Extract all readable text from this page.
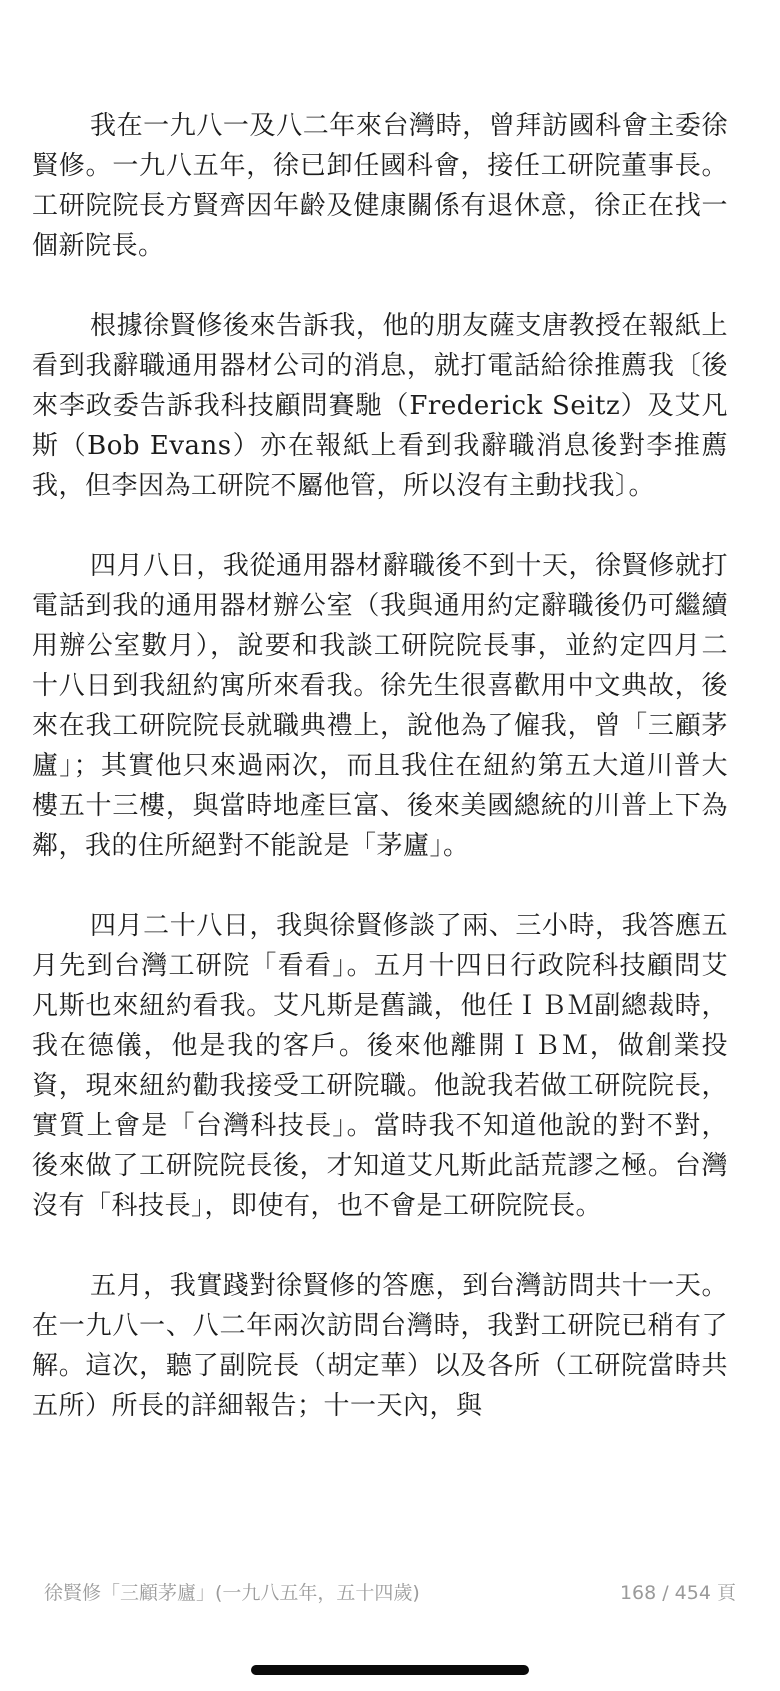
我在一九八一及八二年來台灣時，曾拜訪國科會主委徐賢修。一九八五年，徐已卸任國科會，接任工研院董事長。工研院院長方賢齊因年齡及健康關係有退休意，徐正在找一個新院長。

根據徐賢修後來告訴我，他的朋友薩支唐教授在報紙上看到我辭職通用器材公司的消息，就打電話給徐推薦我〔後來李政委告訴我科技顧問賽馳（Frederick Seitz）及艾凡斯（Bob Evans）亦在報紙上看到我辭職消息後對李推薦我，但李因為工研院不屬他管，所以沒有主動找我〕。

四月八日，我從通用器材辭職後不到十天，徐賢修就打電話到我的通用器材辦公室（我與通用約定辭職後仍可繼續用辦公室數月），說要和我談工研院院長事，並約定四月二十八日到我紐約寓所來看我。徐先生很喜歡用中文典故，後來在我工研院院長就職典禮上，說他為了僱我，曾「三顧茅廬」；其實他只來過兩次，而且我住在紐約第五大道川普大樓五十三樓，與當時地產巨富、後來美國總統的川普上下為鄰，我的住所絕對不能說是「茅廬」。

四月二十八日，我與徐賢修談了兩、三小時，我答應五月先到台灣工研院「看看」。五月十四日行政院科技顧問艾凡斯也來紐約看我。艾凡斯是舊識，他任ＩＢＭ副總裁時，我在德儀，他是我的客戶。後來他離開ＩＢＭ，做創業投資，現來紐約勸我接受工研院職。他說我若做工研院院長，實質上會是「台灣科技長」。當時我不知道他說的對不對，後來做了工研院院長後，才知道艾凡斯此話荒謬之極。台灣沒有「科技長」，即使有，也不會是工研院院長。

五月，我實踐對徐賢修的答應，到台灣訪問共十一天。在一九八一、八二年兩次訪問台灣時，我對工研院已稍有了解。這次，聽了副院長（胡定華）以及各所（工研院當時共五所）所長的詳細報告；十一天內，與

徐賢修「三顧茅廬」(一九八五年，五十四歲)	168 / 454 頁
